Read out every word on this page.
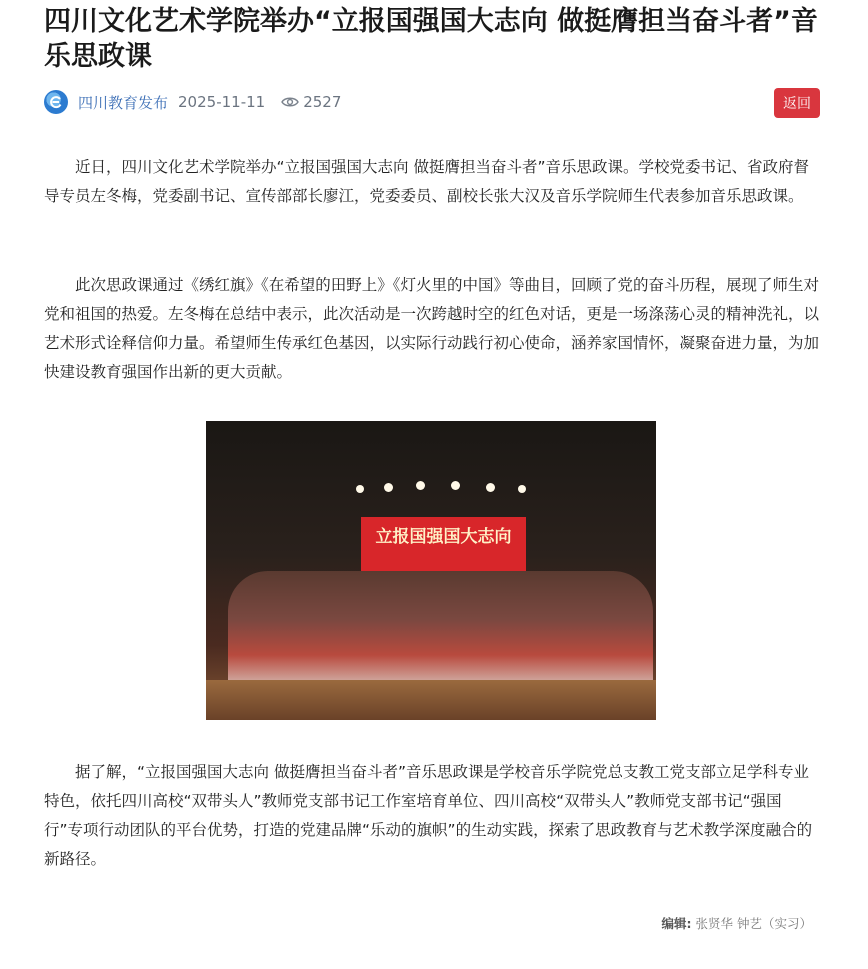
四川文化艺术学院举办“立报国强国大志向 做挺膺担当奋斗者”音乐思政课
四川教育发布 2025-11-11	2527	返回

近日，四川文化艺术学院举办“立报国强国大志向 做挺膺担当奋斗者”音乐思政课。学校党委书记、省政府督导专员左冬梅，党委副书记、宣传部部长廖江，党委委员、副校长张大汉及音乐学院师生代表参加音乐思政课。

此次思政课通过《绣红旗》《在希望的田野上》《灯火里的中国》等曲目，回顾了党的奋斗历程，展现了师生对党和祖国的热爱。左冬梅在总结中表示，此次活动是一次跨越时空的红色对话，更是一场涤荡心灵的精神洗礼，以艺术形式诠释信仰力量。希望师生传承红色基因，以实际行动践行初心使命，涵养家国情怀，凝聚奋进力量，为加快建设教育强国作出新的更大贡献。

立报国强国大志向

据了解，“立报国强国大志向 做挺膺担当奋斗者”音乐思政课是学校音乐学院党总支教工党支部立足学科专业特色，依托四川高校“双带头人”教师党支部书记工作室培育单位、四川高校“双带头人”教师党支部书记“强国行”专项行动团队的平台优势，打造的党建品牌“乐动的旗帜”的生动实践，探索了思政教育与艺术教学深度融合的新路径。

编辑: 张贤华 钟艺（实习）
